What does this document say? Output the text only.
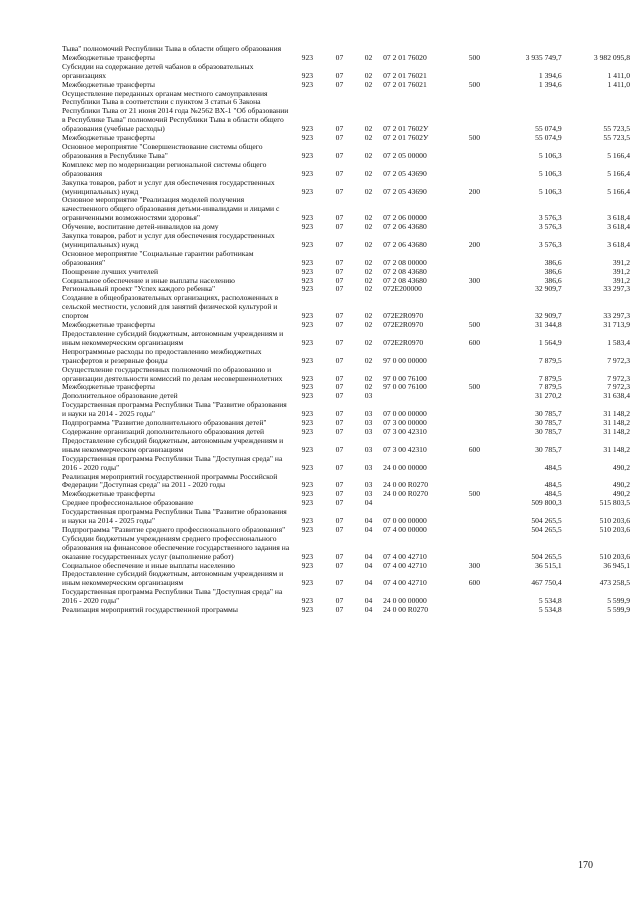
Тыва" полномочий Республики Тыва в области общего образования							
Межбюджетные трансферты	923	07	02	07 2 01 76020	500	3 935 749,7	3 982 095,8
Субсидии на содержание детей чабанов в образовательных организациях	923	07	02	07 2 01 76021		1 394,6	1 411,0
Межбюджетные трансферты	923	07	02	07 2 01 76021	500	1 394,6	1 411,0
Осуществление переданных органам местного самоуправления Республики Тыва в соответствии с пунктом 3 статьи 6 Закона Республики Тыва от 21 июня 2014 года №2562 ВХ-1 "Об образовании в Республике Тыва" полномочий Республики Тыва в области общего образования (учебные расходы)	923	07	02	07 2 01 7602У		55 074,9	55 723,5
Межбюджетные трансферты	923	07	02	07 2 01 7602У	500	55 074,9	55 723,5
Основное мероприятие "Совершенствование системы общего образования в Республике Тыва"	923	07	02	07 2 05 00000		5 106,3	5 166,4
Комплекс мер по модернизации региональной системы общего образования	923	07	02	07 2 05 43690		5 106,3	5 166,4
Закупка товаров, работ и услуг для обеспечения государственных (муниципальных) нужд	923	07	02	07 2 05 43690	200	5 106,3	5 166,4
Основное мероприятие "Реализация моделей получения качественного общего образования детьми-инвалидами и лицами с ограниченными возможностями здоровья"	923	07	02	07 2 06 00000		3 576,3	3 618,4
Обучение, воспитание детей-инвалидов на дому	923	07	02	07 2 06 43680		3 576,3	3 618,4
Закупка товаров, работ и услуг для обеспечения государственных (муниципальных) нужд	923	07	02	07 2 06 43680	200	3 576,3	3 618,4
Основное мероприятие "Социальные гарантии работникам образования"	923	07	02	07 2 08 00000		386,6	391,2
Поощрение лучших учителей	923	07	02	07 2 08 43680		386,6	391,2
Социальное обеспечение и иные выплаты населению	923	07	02	07 2 08 43680	300	386,6	391,2
Региональный проект "Успех каждого ребенка"	923	07	02	072E200000		32 909,7	33 297,3
Создание в общеобразовательных организациях, расположенных в сельской местности, условий для занятий физической культурой и спортом	923	07	02	072E2R0970		32 909,7	33 297,3
Межбюджетные трансферты	923	07	02	072E2R0970	500	31 344,8	31 713,9
Предоставление субсидий бюджетным, автономным учреждениям и иным некоммерческим организациям	923	07	02	072E2R0970	600	1 564,9	1 583,4
Непрограммные расходы по предоставлению межбюджетных трансфертов и резервные фонды	923	07	02	97 0 00 00000		7 879,5	7 972,3
Осуществление государственных полномочий по образованию и организации деятельности комиссий по делам несовершеннолетних	923	07	02	97 0 00 76100		7 879,5	7 972,3
Межбюджетные трансферты	923	07	02	97 0 00 76100	500	7 879,5	7 972,3
Дополнительное образование детей	923	07	03			31 270,2	31 638,4
Государственная программа Республики Тыва "Развитие образования и науки на 2014 - 2025 годы"	923	07	03	07 0 00 00000		30 785,7	31 148,2
Подпрограмма "Развитие дополнительного образования детей"	923	07	03	07 3 00 00000		30 785,7	31 148,2
Содержание организаций дополнительного образования детей	923	07	03	07 3 00 42310		30 785,7	31 148,2
Предоставление субсидий бюджетным, автономным учреждениям и иным некоммерческим организациям	923	07	03	07 3 00 42310	600	30 785,7	31 148,2
Государственная программа Республики Тыва "Доступная среда" на 2016 - 2020 годы"	923	07	03	24 0 00 00000		484,5	490,2
Реализация мероприятий государственной программы Российской Федерации "Доступная среда" на 2011 - 2020 годы	923	07	03	24 0 00 R0270		484,5	490,2
Межбюджетные трансферты	923	07	03	24 0 00 R0270	500	484,5	490,2
Среднее профессиональное образование	923	07	04			509 800,3	515 803,5
Государственная программа Республики Тыва "Развитие образования и науки на 2014 - 2025 годы"	923	07	04	07 0 00 00000		504 265,5	510 203,6
Подпрограмма "Развитие среднего профессионального образования"	923	07	04	07 4 00 00000		504 265,5	510 203,6
Субсидии бюджетным учреждениям среднего профессионального образования на финансовое обеспечение государственного задания на оказание государственных услуг (выполнение работ)	923	07	04	07 4 00 42710		504 265,5	510 203,6
Социальное обеспечение и иные выплаты населению	923	07	04	07 4 00 42710	300	36 515,1	36 945,1
Предоставление субсидий бюджетным, автономным учреждениям и иным некоммерческим организациям	923	07	04	07 4 00 42710	600	467 750,4	473 258,5
Государственная программа Республики Тыва "Доступная среда" на 2016 - 2020 годы"	923	07	04	24 0 00 00000		5 534,8	5 599,9
Реализация мероприятий государственной программы	923	07	04	24 0 00 R0270		5 534,8	5 599,9
170
